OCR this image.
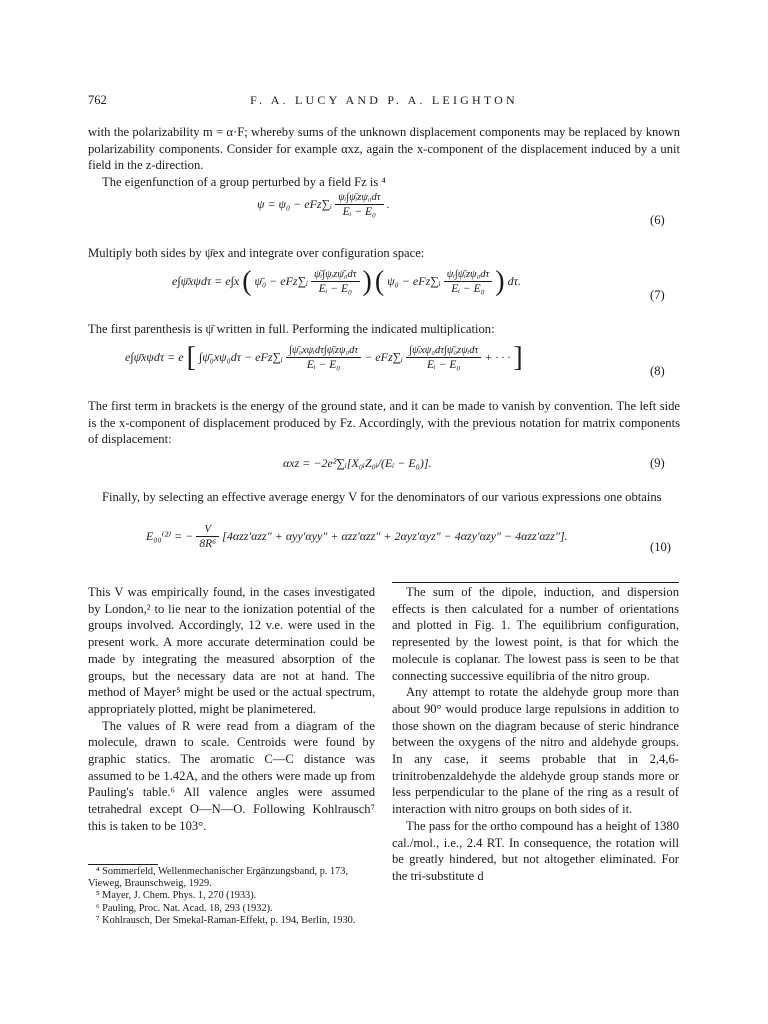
762	F. A. LUCY AND P. A. LEIGHTON

with the polarizability m = α·F; whereby sums of the unknown displacement components may be replaced by known polarizability components. Consider for example αxz, again the x-component of the displacement induced by a unit field in the z-direction.

The eigenfunction of a group perturbed by a field Fz is ⁴

ψ = ψ₀ − eFz∑ᵢ $\frac{\text{ψᵢ∫ψ̄ᵢzψ₀dτ}}{\text{Eᵢ − E₀}}$ .
(6)

Multiply both sides by ψ̄ex and integrate over configuration space:

e∫ψ̄xψdτ = e∫x ( ψ̄₀ − eFz∑ᵢ $\frac{\text{ψ̄ᵢ∫ψᵢzψ̄₀dτ}}{\text{Eᵢ − E₀}}$ ) ( ψ₀ − eFz∑ᵢ $\frac{\text{ψᵢ∫ψ̄ᵢzψ₀dτ}}{\text{Eᵢ − E₀}}$ ) dτ.
(7)

The first parenthesis is ψ̄ written in full. Performing the indicated multiplication:

e∫ψ̄xψdτ = e [ ∫ψ̄₀xψ₀dτ − eFz∑ᵢ $\frac{\text{∫ψ̄₀xψᵢdτ∫ψ̄ᵢzψ₀dτ}}{\text{Eᵢ − E₀}}$ − eFz∑ᵢ $\frac{\text{∫ψ̄ᵢxψ₀dτ∫ψ̄₀zψᵢdτ}}{\text{Eᵢ − E₀}}$ + · · · ]	(8)

The first term in brackets is the energy of the ground state, and it can be made to vanish by convention. The left side is the x-component of displacement produced by Fz. Accordingly, with the previous notation for matrix components of displacement:

αxz = −2e²∑ᵢ[X₀ᵢZ₀ᵢ/(Eᵢ − E₀)].	(9)

Finally, by selecting an effective average energy V for the denominators of our various expressions one obtains

E₀₀⁽²⁾ = − $\frac{V}{\text{8R⁶}} [4\alpha zz'\alpha zz'' + \alpha yy'\alpha yy'' + \alpha zz'\alpha zz'' + 2\alpha yz'\alpha yz'' - 4\alpha zy'\alpha zy'' - 4\alpha zz'\alpha zz'']$.
(10)

This V was empirically found, in the cases investigated by London,² to lie near to the ionization potential of the groups involved. Accordingly, 12 v.e. were used in the present work. A more accurate determination could be made by integrating the measured absorption of the groups, but the necessary data are not at hand. The method of Mayer⁵ might be used or the actual spectrum, appropriately plotted, might be planimetered.

The values of R were read from a diagram of the molecule, drawn to scale. Centroids were found by graphic statics. The aromatic C—C distance was assumed to be 1.42A, and the others were made up from Pauling's table.⁶ All valence angles were assumed tetrahedral except O—N—O. Following Kohlrausch⁷ this is taken to be 103°.

⁴ Sommerfeld, Wellenmechanischer Ergänzungsband, p. 173, Vieweg, Braunschweig, 1929.

⁵ Mayer, J. Chem. Phys. 1, 270 (1933).

⁶ Pauling, Proc. Nat. Acad. 18, 293 (1932).

⁷ Kohlrausch, Der Smekal-Raman-Effekt, p. 194, Berlin, 1930.

The sum of the dipole, induction, and dispersion effects is then calculated for a number of orientations and plotted in Fig. 1. The equilibrium configuration, represented by the lowest point, is that for which the molecule is coplanar. The lowest pass is seen to be that connecting successive equilibria of the nitro group.

Any attempt to rotate the aldehyde group more than about 90° would produce large repulsions in addition to those shown on the diagram because of steric hindrance between the oxygens of the nitro and aldehyde groups. In any case, it seems probable that in 2,4,6-trinitrobenzaldehyde the aldehyde group stands more or less perpendicular to the plane of the ring as a result of interaction with nitro groups on both sides of it.

The pass for the ortho compound has a height of 1380 cal./mol., i.e., 2.4 RT. In consequence, the rotation will be greatly hindered, but not altogether eliminated. For the tri-substitute d
